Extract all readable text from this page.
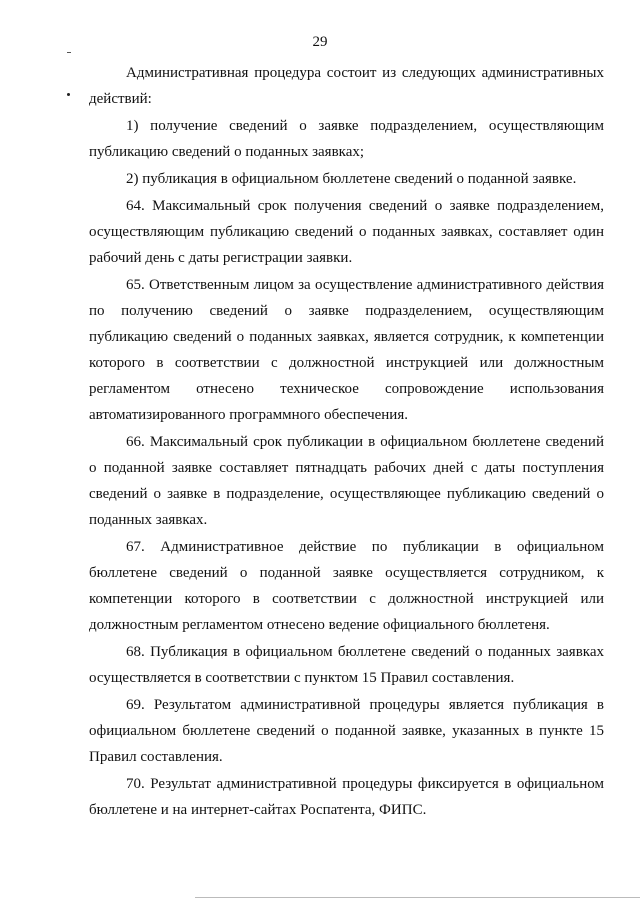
29

Административная процедура состоит из следующих административных действий:

1) получение сведений о заявке подразделением, осуществляющим публикацию сведений о поданных заявках;

2) публикация в официальном бюллетене сведений о поданной заявке.

64. Максимальный срок получения сведений о заявке подразделением, осуществляющим публикацию сведений о поданных заявках, составляет один рабочий день с даты регистрации заявки.

65. Ответственным лицом за осуществление административного действия по получению сведений о заявке подразделением, осуществляющим публикацию сведений о поданных заявках, является сотрудник, к компетенции которого в соответствии с должностной инструкцией или должностным регламентом отнесено техническое сопровождение использования автоматизированного программного обеспечения.

66. Максимальный срок публикации в официальном бюллетене сведений о поданной заявке составляет пятнадцать рабочих дней с даты поступления сведений о заявке в подразделение, осуществляющее публикацию сведений о поданных заявках.

67. Административное действие по публикации в официальном бюллетене сведений о поданной заявке осуществляется сотрудником, к компетенции которого в соответствии с должностной инструкцией или должностным регламентом отнесено ведение официального бюллетеня.

68. Публикация в официальном бюллетене сведений о поданных заявках осуществляется в соответствии с пунктом 15 Правил составления.

69. Результатом административной процедуры является публикация в официальном бюллетене сведений о поданной заявке, указанных в пункте 15 Правил составления.

70. Результат административной процедуры фиксируется в официальном бюллетене и на интернет-сайтах Роспатента, ФИПС.
